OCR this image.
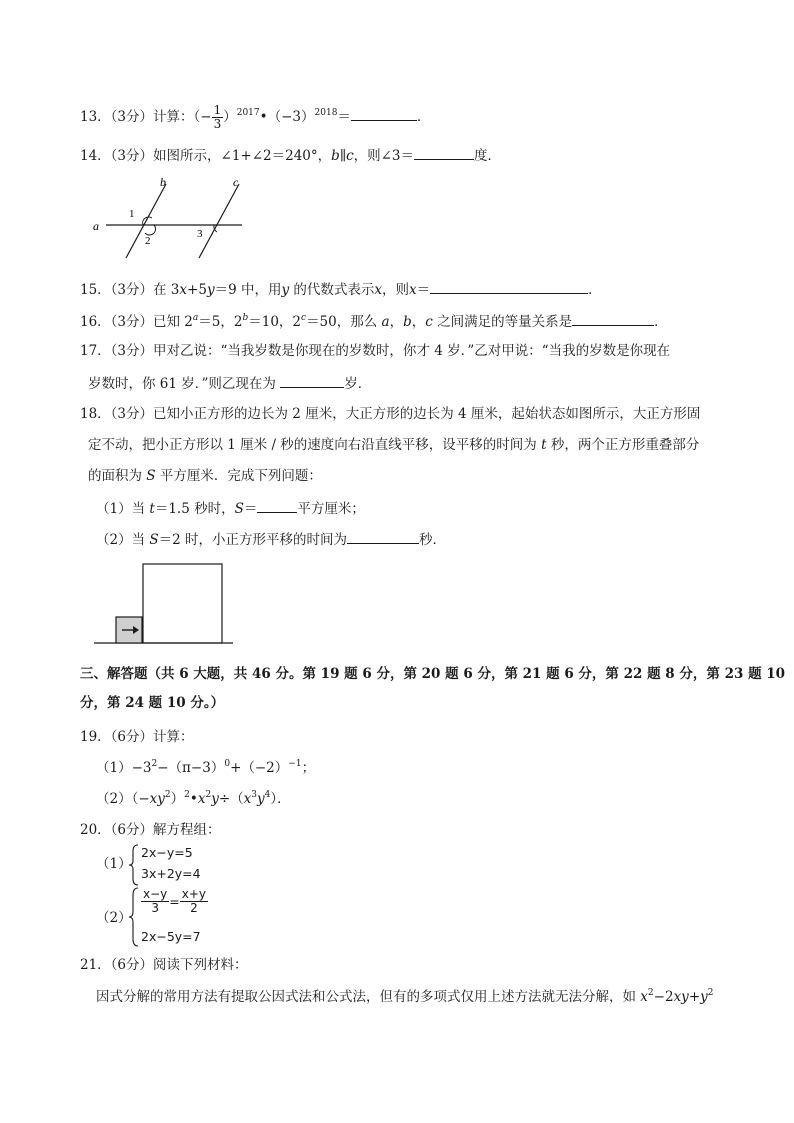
13．（3分）计算：（− $\frac{1}{3}$ ）$^{2017}•(-3)^{2018}=$	．
14．（3分）如图所示，∠1+∠2＝240°，b∥c，则∠3＝	度．
a
b	c
1
2
3
15．（3分）在 3x+5y＝9 中，用y 的代数式表示x，则x＝	．
16．（3分）已知 $2^a=5$，$2^b=10$，$2^c=50$，那么 a，b，c 之间满足的等量关系是	．
17．（3分）甲对乙说：“当我岁数是你现在的岁数时，你才 4 岁．”乙对甲说：“当我的岁数是你现在
岁数时，你 61 岁．”则乙现在为	岁．
18．（3分）已知小正方形的边长为 2 厘米，大正方形的边长为 4 厘米，起始状态如图所示，大正方形固
定不动，把小正方形以 1 厘米 / 秒的速度向右沿直线平移，设平移的时间为 t 秒，两个正方形重叠部分
的面积为 S 平方厘米．完成下列问题：
（1）当 t＝1.5 秒时，S＝	平方厘米；
（2）当 S＝2 时，小正方形平移的时间为	秒．
三、解答题（共 6 大题，共 46 分。第 19 题 6 分，第 20 题 6 分，第 21 题 6 分，第 22 题 8 分，第 23 题 10
分，第 24 题 10 分。）
19．（6分）计算：
$(1)-3^2-(\pi-3)^0+(-2)^{-1}$；
$(2)(-xy^2)^2•x^2y\div(x^3y^4)$．
20．（6分）解方程组：
（1）
2x−y=5
3x+2y=4
（2）
$\frac{x-y}{3} = \frac{x+y}{2}$
2x−5y=7
21．（6分）阅读下列材料：
因式分解的常用方法有提取公因式法和公式法，但有的多项式仅用上述方法就无法分解，如 $x^2-2xy+y^2$
